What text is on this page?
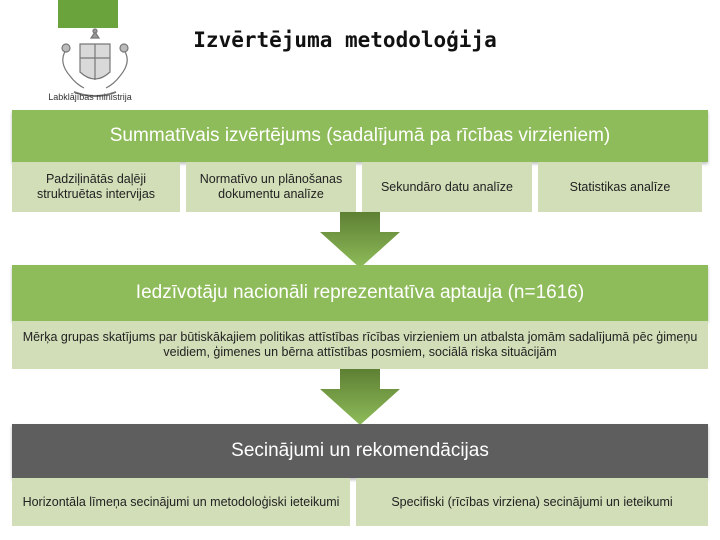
Labklājības ministrija
Izvērtējuma metodoloģija
Summatīvais izvērtējums (sadalījumā pa rīcības virzieniem)
Padziļinātās daļēji struktruētas intervijas
Normatīvo un plānošanas dokumentu analīze
Sekundāro datu analīze	Statistikas analīze
Iedzīvotāju nacionāli reprezentatīva aptauja (n=1616)
Mērķa grupas skatījums par būtiskākajiem politikas attīstības rīcības virzieniem un atbalsta jomām sadalījumā pēc ģimeņu veidiem, ģimenes un bērna attīstības posmiem, sociālā riska situācijām
Secinājumi un rekomendācijas
Horizontāla līmeņa secinājumi un metodoloģiski ieteikumi	Specifiski (rīcības virziena) secinājumi un ieteikumi
